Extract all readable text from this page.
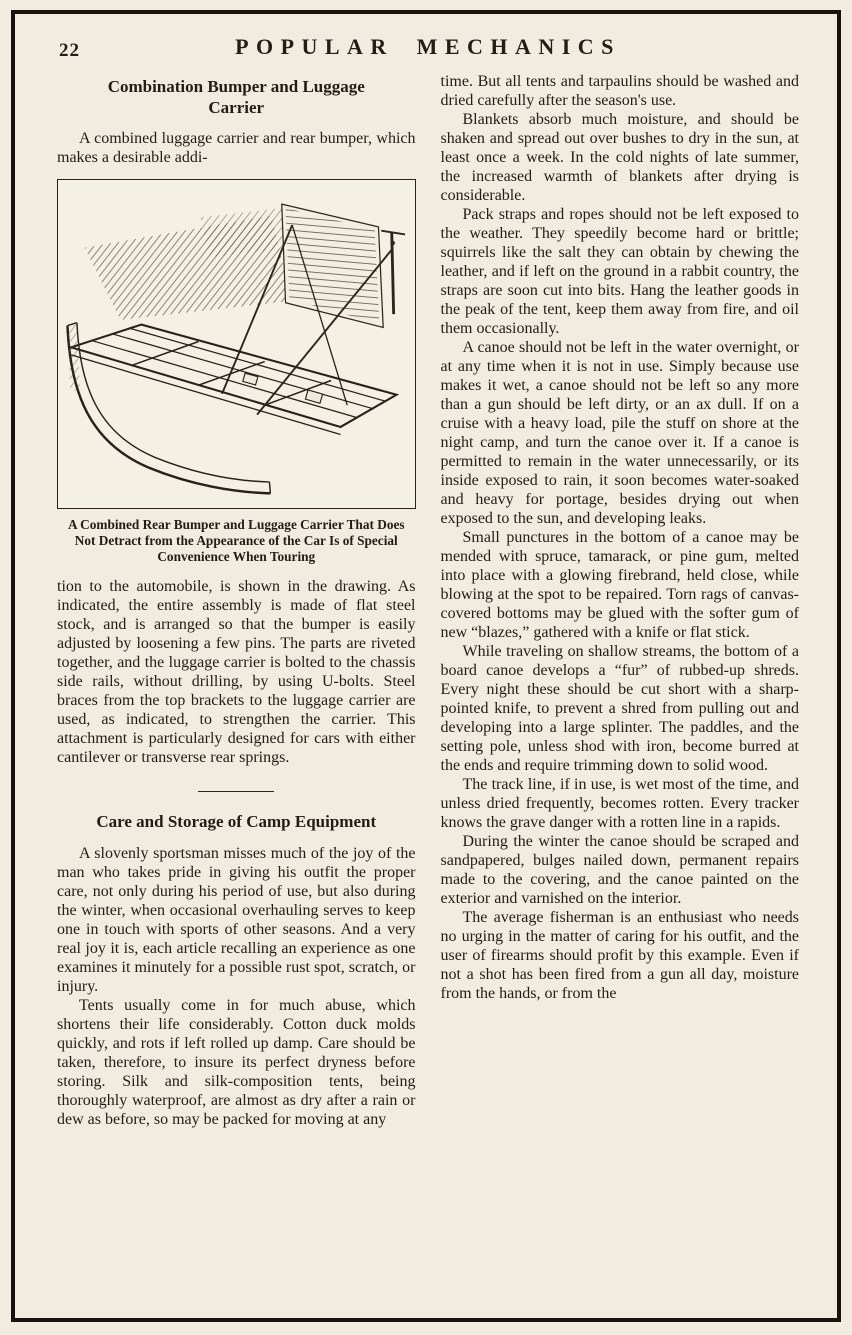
22	POPULAR MECHANICS
Combination Bumper and Luggage Carrier

A combined luggage carrier and rear bumper, which makes a desirable addi-

A Combined Rear Bumper and Luggage Carrier That Does Not Detract from the Appearance of the Car Is of Special Convenience When Touring

tion to the automobile, is shown in the drawing. As indicated, the entire assembly is made of flat steel stock, and is arranged so that the bumper is easily adjusted by loosening a few pins. The parts are riveted together, and the luggage carrier is bolted to the chassis side rails, without drilling, by using U-bolts. Steel braces from the top brackets to the luggage carrier are used, as indicated, to strengthen the carrier. This attachment is particularly designed for cars with either cantilever or transverse rear springs.

Care and Storage of Camp Equipment

A slovenly sportsman misses much of the joy of the man who takes pride in giving his outfit the proper care, not only during his period of use, but also during the winter, when occasional overhauling serves to keep one in touch with sports of other seasons. And a very real joy it is, each article recalling an experience as one examines it minutely for a possible rust spot, scratch, or injury.

Tents usually come in for much abuse, which shortens their life considerably. Cotton duck molds quickly, and rots if left rolled up damp. Care should be taken, therefore, to insure its perfect dryness before storing. Silk and silk-composition tents, being thoroughly waterproof, are almost as dry after a rain or dew as before, so may be packed for moving at any

time. But all tents and tarpaulins should be washed and dried carefully after the season's use.

Blankets absorb much moisture, and should be shaken and spread out over bushes to dry in the sun, at least once a week. In the cold nights of late summer, the increased warmth of blankets after drying is considerable.

Pack straps and ropes should not be left exposed to the weather. They speedily become hard or brittle; squirrels like the salt they can obtain by chewing the leather, and if left on the ground in a rabbit country, the straps are soon cut into bits. Hang the leather goods in the peak of the tent, keep them away from fire, and oil them occasionally.

A canoe should not be left in the water overnight, or at any time when it is not in use. Simply because use makes it wet, a canoe should not be left so any more than a gun should be left dirty, or an ax dull. If on a cruise with a heavy load, pile the stuff on shore at the night camp, and turn the canoe over it. If a canoe is permitted to remain in the water unnecessarily, or its inside exposed to rain, it soon becomes water-soaked and heavy for portage, besides drying out when exposed to the sun, and developing leaks.

Small punctures in the bottom of a canoe may be mended with spruce, tamarack, or pine gum, melted into place with a glowing firebrand, held close, while blowing at the spot to be repaired. Torn rags of canvas-covered bottoms may be glued with the softer gum of new “blazes,” gathered with a knife or flat stick.

While traveling on shallow streams, the bottom of a board canoe develops a “fur” of rubbed-up shreds. Every night these should be cut short with a sharp-pointed knife, to prevent a shred from pulling out and developing into a large splinter. The paddles, and the setting pole, unless shod with iron, become burred at the ends and require trimming down to solid wood.

The track line, if in use, is wet most of the time, and unless dried frequently, becomes rotten. Every tracker knows the grave danger with a rotten line in a rapids.

During the winter the canoe should be scraped and sandpapered, bulges nailed down, permanent repairs made to the covering, and the canoe painted on the exterior and varnished on the interior.

The average fisherman is an enthusiast who needs no urging in the matter of caring for his outfit, and the user of firearms should profit by this example. Even if not a shot has been fired from a gun all day, moisture from the hands, or from the
